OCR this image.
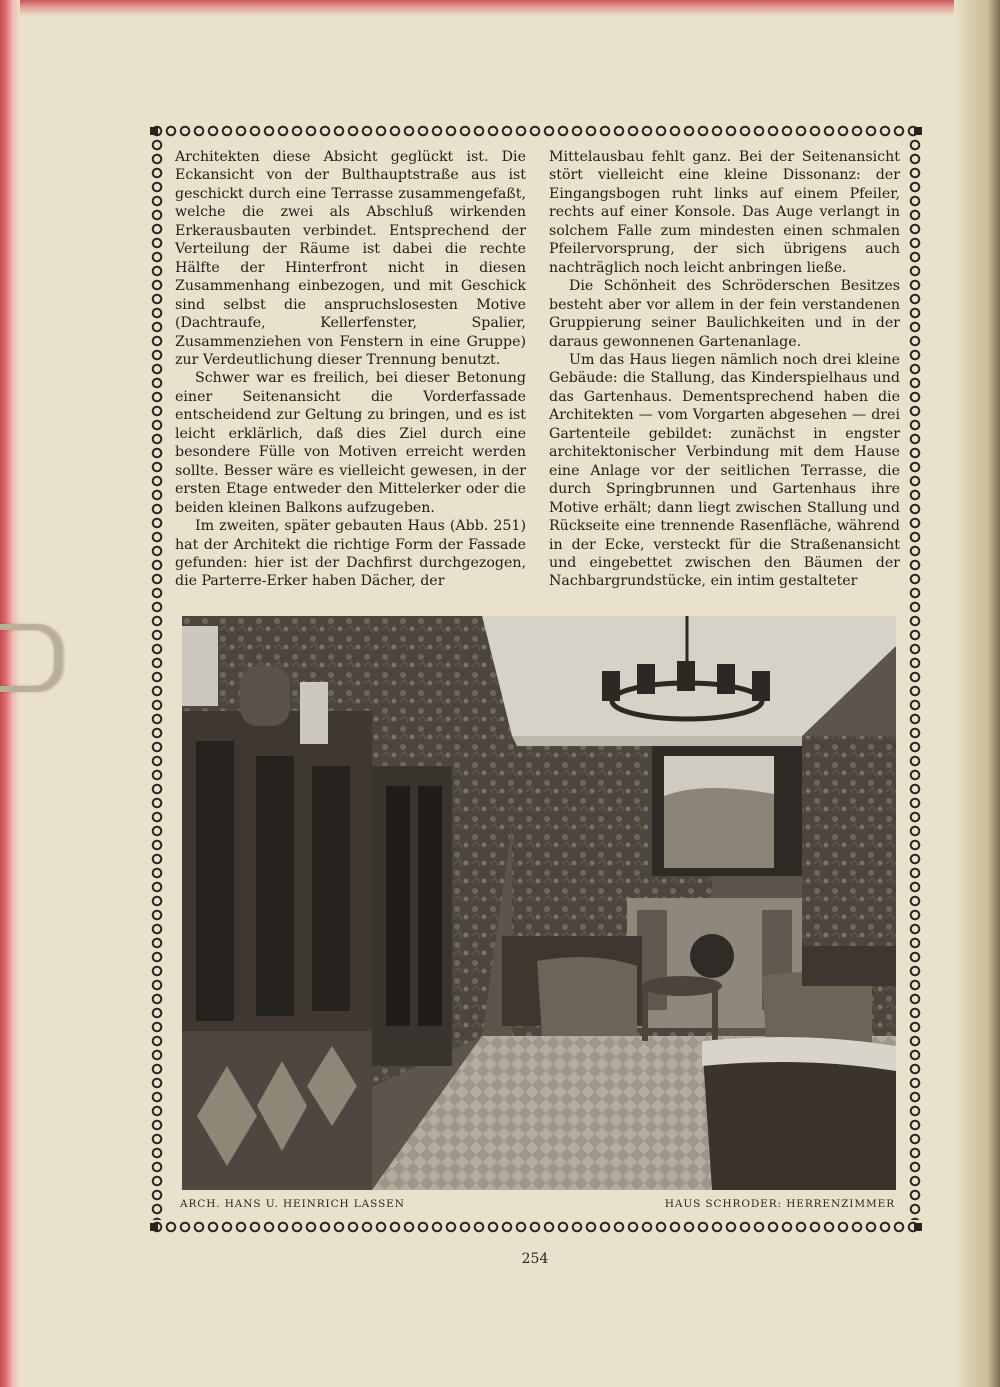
Architekten diese Absicht geglückt ist. Die Eckansicht von der Bulthauptstraße aus ist geschickt durch eine Terrasse zusammengefaßt, welche die zwei als Abschluß wirkenden Erkerausbauten verbindet. Entsprechend der Verteilung der Räume ist dabei die rechte Hälfte der Hinterfront nicht in diesen Zusammenhang einbezogen, und mit Geschick sind selbst die anspruchslosesten Motive (Dachtraufe, Kellerfenster, Spalier, Zusammenziehen von Fenstern in eine Gruppe) zur Verdeutlichung dieser Trennung benutzt.

Schwer war es freilich, bei dieser Betonung einer Seitenansicht die Vorderfassade entscheidend zur Geltung zu bringen, und es ist leicht erklärlich, daß dies Ziel durch eine besondere Fülle von Motiven erreicht werden sollte. Besser wäre es vielleicht gewesen, in der ersten Etage entweder den Mittelerker oder die beiden kleinen Balkons aufzugeben.

Im zweiten, später gebauten Haus (Abb. 251) hat der Architekt die richtige Form der Fassade gefunden: hier ist der Dachfirst durchgezogen, die Parterre-Erker haben Dächer, der

Mittelausbau fehlt ganz. Bei der Seitenansicht stört vielleicht eine kleine Dissonanz: der Eingangsbogen ruht links auf einem Pfeiler, rechts auf einer Konsole. Das Auge verlangt in solchem Falle zum mindesten einen schmalen Pfeilervorsprung, der sich übrigens auch nachträglich noch leicht anbringen ließe.

Die Schönheit des Schröderschen Besitzes besteht aber vor allem in der fein verstandenen Gruppierung seiner Baulichkeiten und in der daraus gewonnenen Gartenanlage.

Um das Haus liegen nämlich noch drei kleine Gebäude: die Stallung, das Kinderspielhaus und das Gartenhaus. Dementsprechend haben die Architekten — vom Vorgarten abgesehen — drei Gartenteile gebildet: zunächst in engster architektonischer Verbindung mit dem Hause eine Anlage vor der seitlichen Terrasse, die durch Springbrunnen und Gartenhaus ihre Motive erhält; dann liegt zwischen Stallung und Rückseite eine trennende Rasenfläche, während in der Ecke, versteckt für die Straßenansicht und eingebettet zwischen den Bäumen der Nachbargrundstücke, ein intim gestalteter

ARCH. HANS U. HEINRICH LASSEN	HAUS SCHRODER: HERRENZIMMER
254
